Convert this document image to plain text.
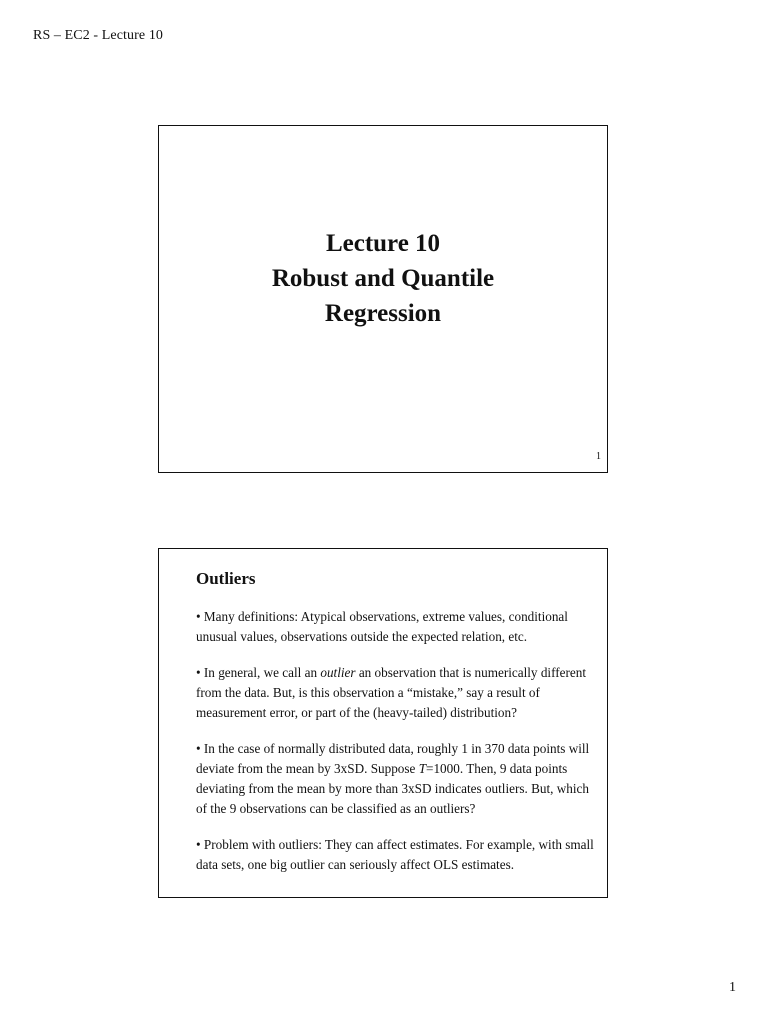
RS – EC2 - Lecture 10
Lecture 10
Robust and Quantile
Regression
1
Outliers
• Many definitions: Atypical observations, extreme values, conditional unusual values, observations outside the expected relation, etc.
• In general, we call an outlier an observation that is numerically different from the data. But, is this observation a “mistake,” say a result of measurement error, or part of the (heavy-tailed) distribution?
• In the case of normally distributed data, roughly 1 in 370 data points will deviate from the mean by 3xSD. Suppose T=1000. Then, 9 data points deviating from the mean by more than 3xSD indicates outliers. But, which of the 9 observations can be classified as an outliers?
• Problem with outliers: They can affect estimates. For example, with small data sets, one big outlier can seriously affect OLS estimates.
1
